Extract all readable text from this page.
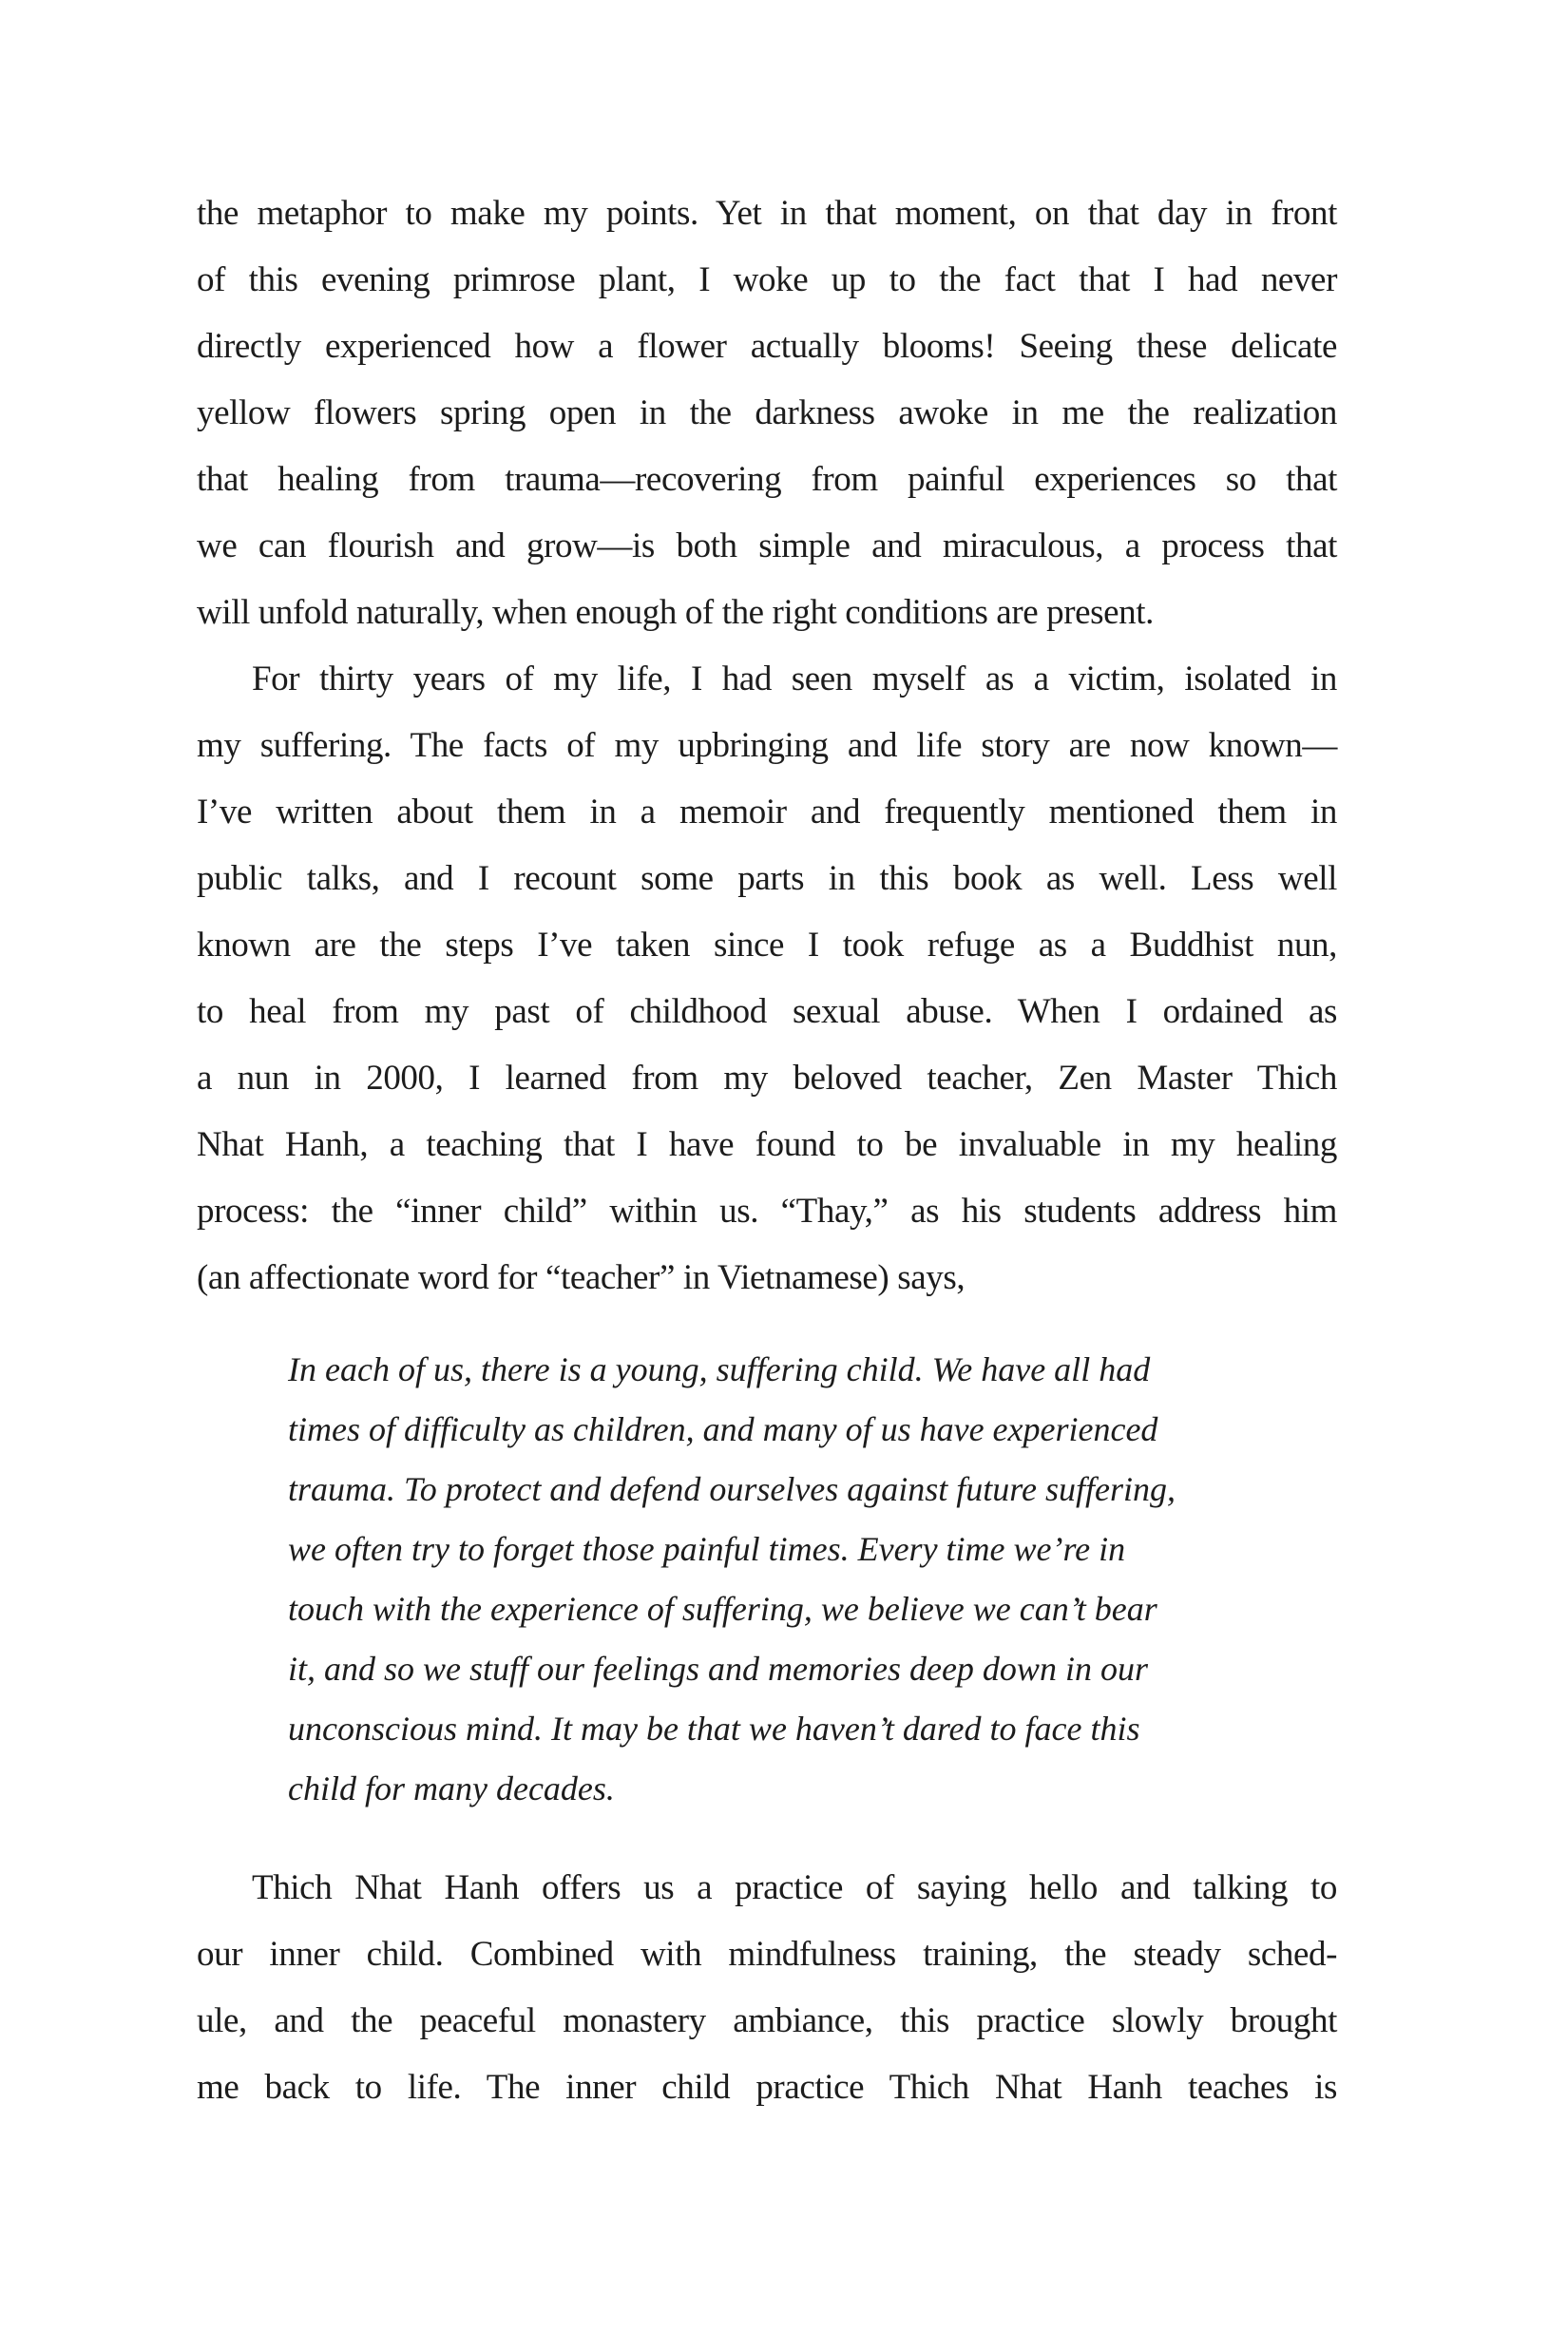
the metaphor to make my points. Yet in that moment, on that day in front
of this evening primrose plant, I woke up to the fact that I had never
directly experienced how a flower actually blooms! Seeing these delicate
yellow flowers spring open in the darkness awoke in me the realization
that healing from trauma—recovering from painful experiences so that
we can flourish and grow—is both simple and miraculous, a process that
will unfold naturally, when enough of the right conditions are present.
For thirty years of my life, I had seen myself as a victim, isolated in
my suffering. The facts of my upbringing and life story are now known—
I’ve written about them in a memoir and frequently mentioned them in
public talks, and I recount some parts in this book as well. Less well
known are the steps I’ve taken since I took refuge as a Buddhist nun,
to heal from my past of childhood sexual abuse. When I ordained as
a nun in 2000, I learned from my beloved teacher, Zen Master Thich
Nhat Hanh, a teaching that I have found to be invaluable in my healing
process: the “inner child” within us. “Thay,” as his students address him
(an affectionate word for “teacher” in Vietnamese) says,
In each of us, there is a young, suffering child. We have all had
times of difficulty as children, and many of us have experienced
trauma. To protect and defend ourselves against future suffering,
we often try to forget those painful times. Every time we’re in
touch with the experience of suffering, we believe we can’t bear
it, and so we stuff our feelings and memories deep down in our
unconscious mind. It may be that we haven’t dared to face this
child for many decades.
Thich Nhat Hanh offers us a practice of saying hello and talking to
our inner child. Combined with mindfulness training, the steady sched-
ule, and the peaceful monastery ambiance, this practice slowly brought
me back to life. The inner child practice Thich Nhat Hanh teaches is
